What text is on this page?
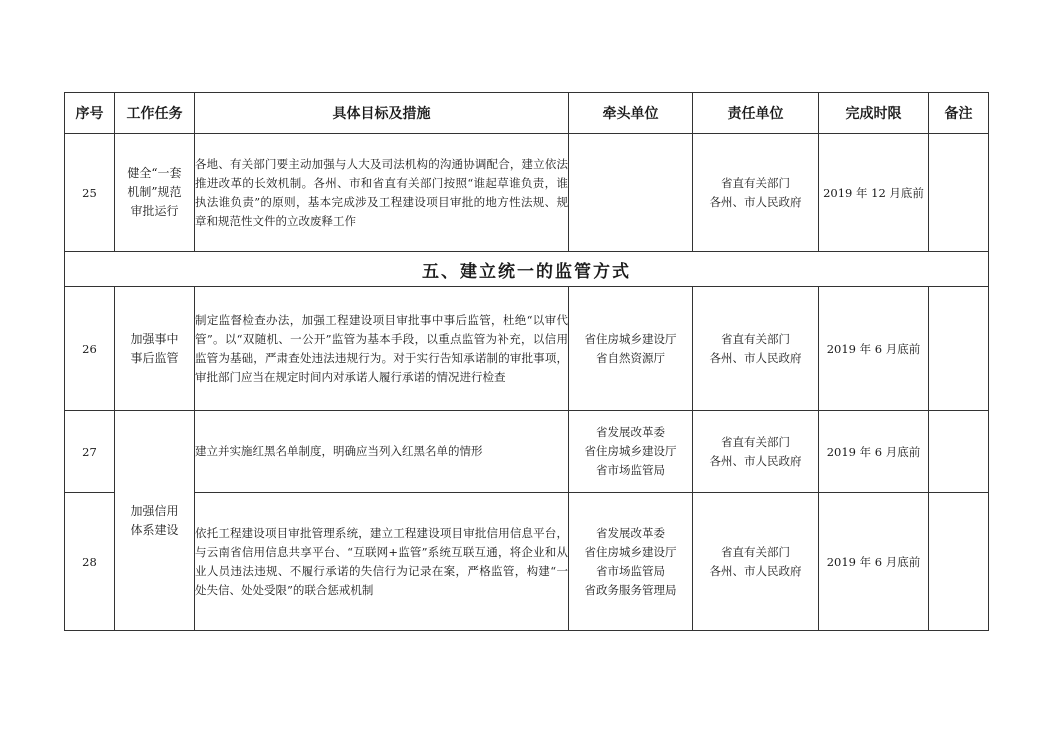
序号	工作任务	具体目标及措施	牵头单位	责任单位	完成时限	备注
25	健全“一套
机制”规范
审批运行	各地、有关部门要主动加强与人大及司法机构的沟通协调配合，建立依法推进改革的长效机制。各州、市和省直有关部门按照“谁起草谁负责，谁执法谁负责”的原则，基本完成涉及工程建设项目审批的地方性法规、规章和规范性文件的立改废释工作		省直有关部门
各州、市人民政府	2019 年 12 月底前	
五、建立统一的监管方式						
26	加强事中
事后监管	制定监督检查办法，加强工程建设项目审批事中事后监管，杜绝“以审代管”。以“双随机、一公开”监管为基本手段，以重点监管为补充，以信用监管为基础，严肃查处违法违规行为。对于实行告知承诺制的审批事项，审批部门应当在规定时间内对承诺人履行承诺的情况进行检查	省住房城乡建设厅
省自然资源厅	省直有关部门
各州、市人民政府	2019 年 6 月底前	
27	加强信用
体系建设	建立并实施红黑名单制度，明确应当列入红黑名单的情形	省发展改革委
省住房城乡建设厅
省市场监管局	省直有关部门
各州、市人民政府	2019 年 6 月底前	
28		依托工程建设项目审批管理系统，建立工程建设项目审批信用信息平台，与云南省信用信息共享平台、“互联网+监管”系统互联互通，将企业和从业人员违法违规、不履行承诺的失信行为记录在案，严格监管，构建“一处失信、处处受限”的联合惩戒机制	省发展改革委
省住房城乡建设厅
省市场监管局
省政务服务管理局	省直有关部门
各州、市人民政府	2019 年 6 月底前	
